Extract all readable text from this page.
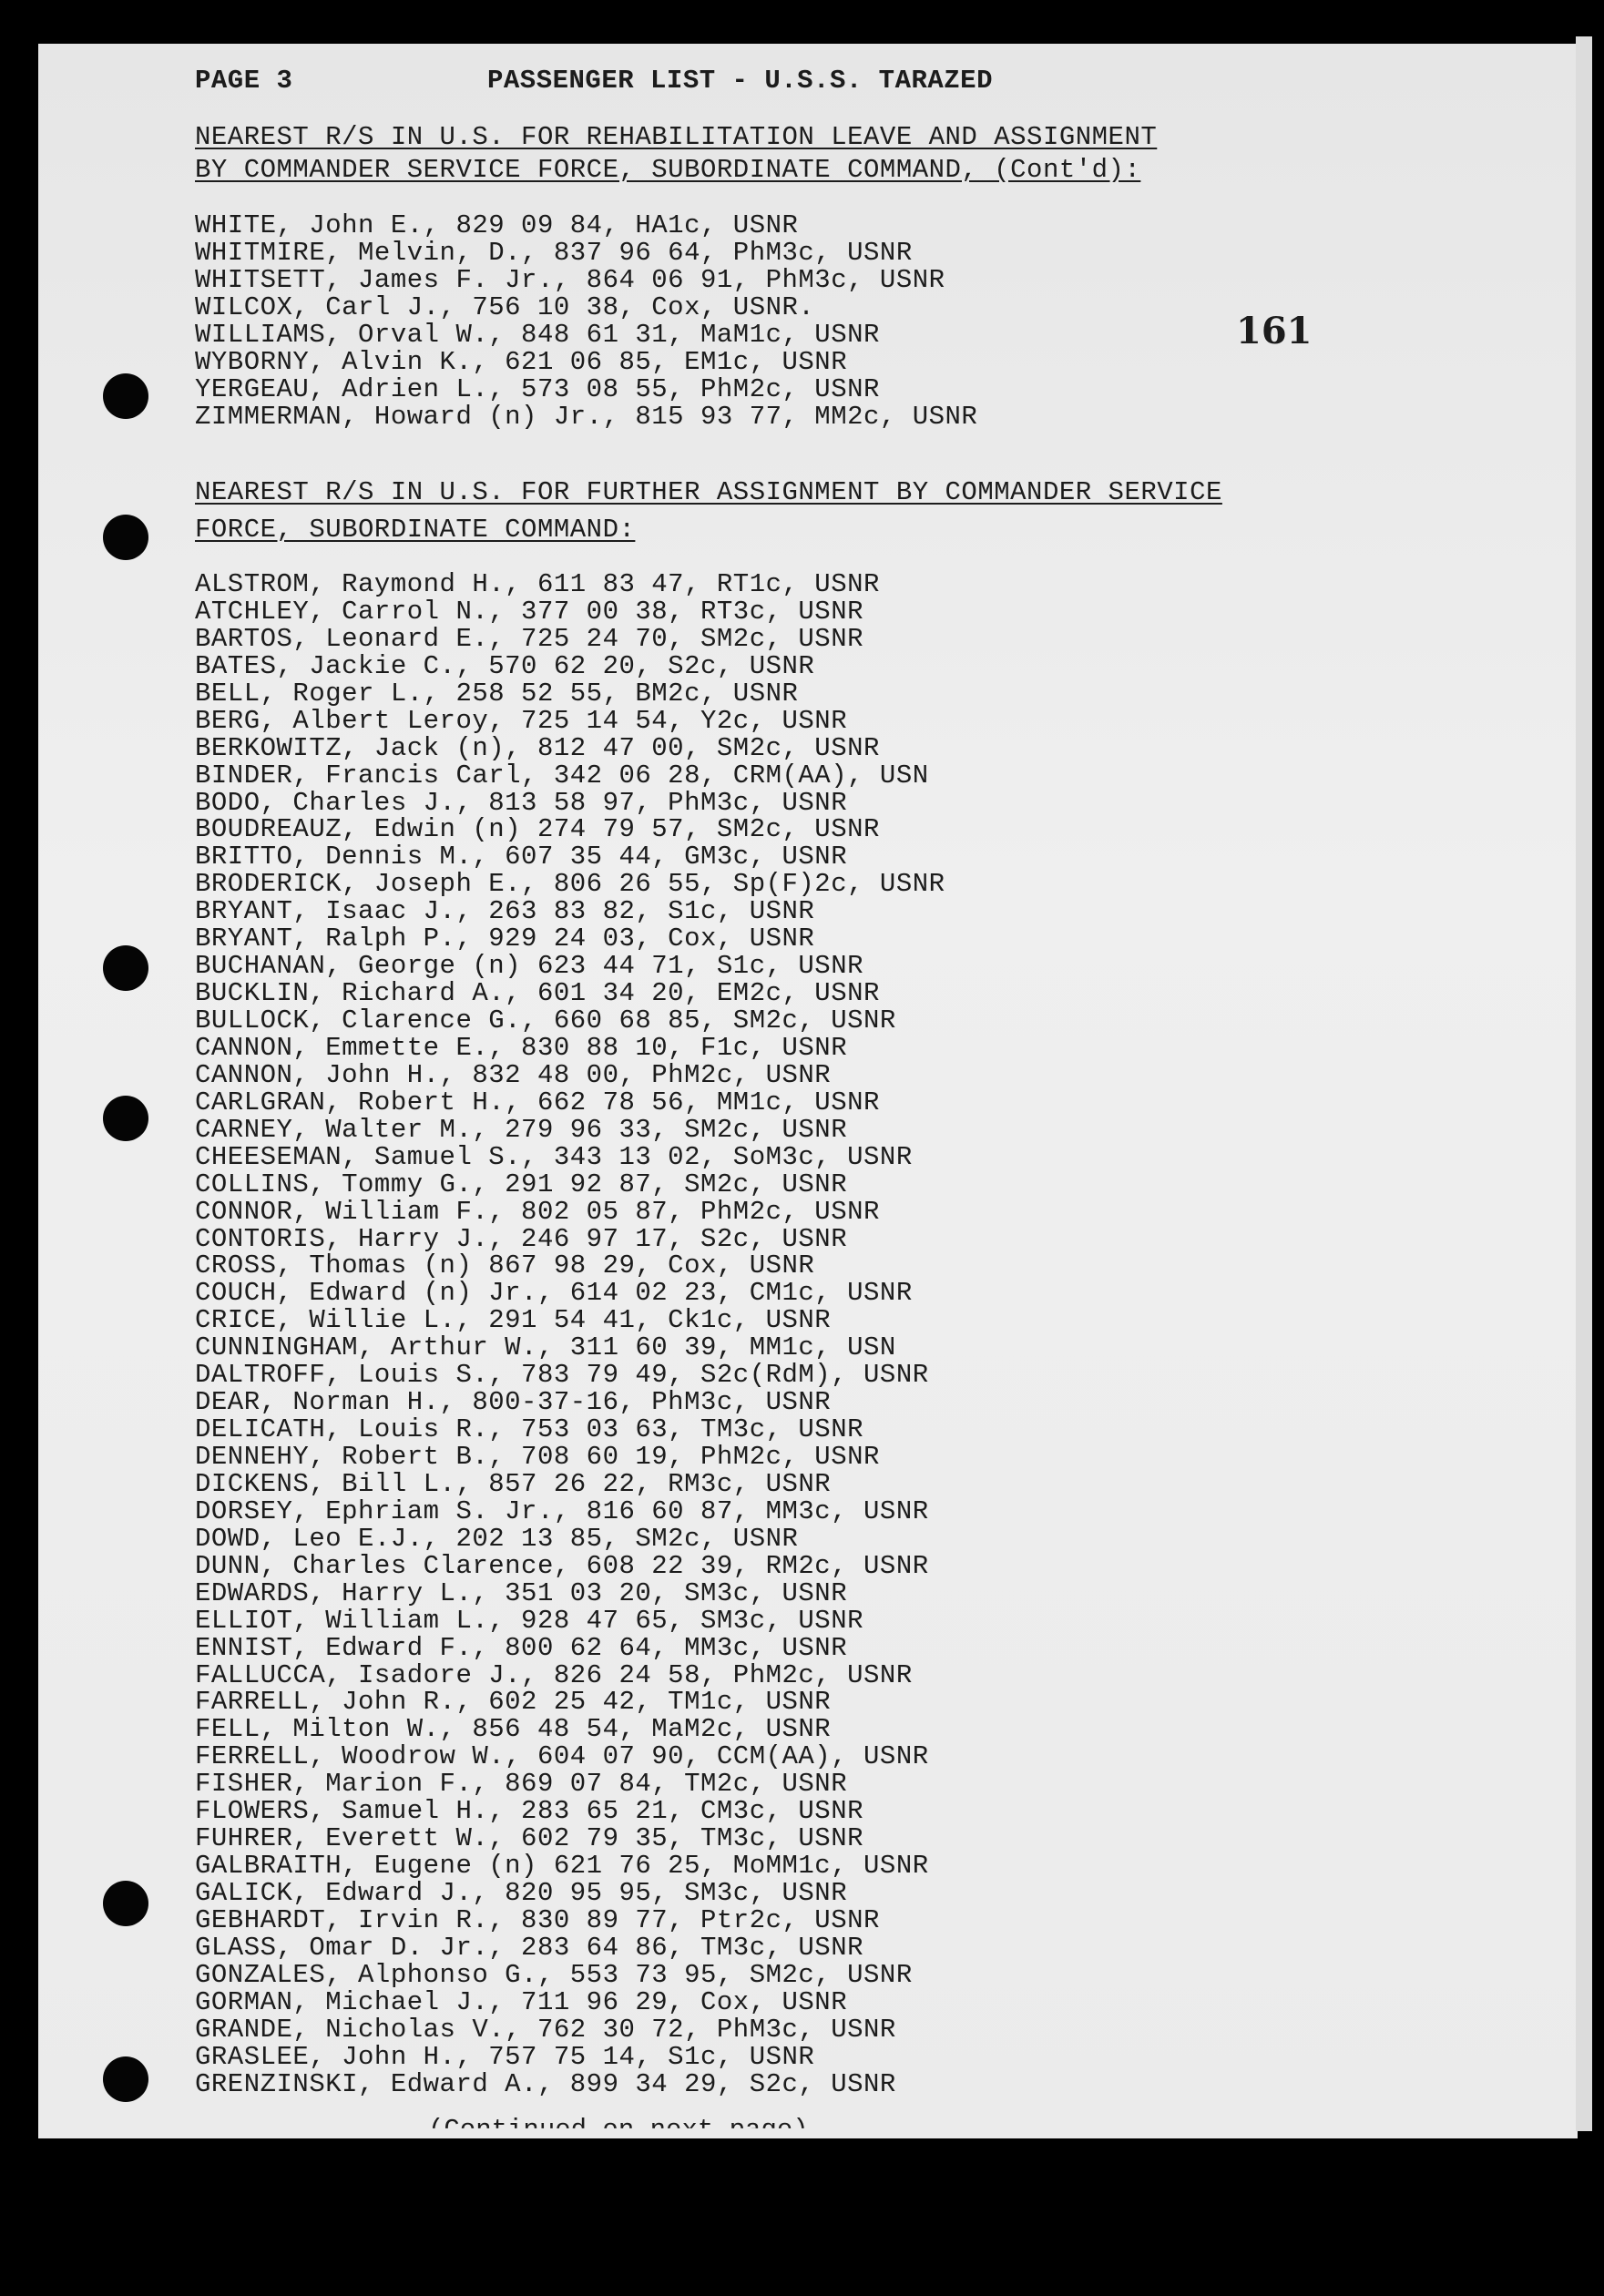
PAGE 3	PASSENGER LIST - U.S.S. TARAZED
NEAREST R/S IN U.S. FOR REHABILITATION LEAVE AND ASSIGNMENT
BY COMMANDER SERVICE FORCE, SUBORDINATE COMMAND, (Cont'd):
WHITE, John E., 829 09 84, HA1c, USNR
WHITMIRE, Melvin, D., 837 96 64, PhM3c, USNR
WHITSETT, James F. Jr., 864 06 91, PhM3c, USNR
WILCOX, Carl J., 756 10 38, Cox, USNR.
WILLIAMS, Orval W., 848 61 31, MaM1c, USNR
WYBORNY, Alvin K., 621 06 85, EM1c, USNR
YERGEAU, Adrien L., 573 08 55, PhM2c, USNR
ZIMMERMAN, Howard (n) Jr., 815 93 77, MM2c, USNR
161
NEAREST R/S IN U.S. FOR FURTHER ASSIGNMENT BY COMMANDER SERVICE
FORCE, SUBORDINATE COMMAND:
ALSTROM, Raymond H., 611 83 47, RT1c, USNR
ATCHLEY, Carrol N., 377 00 38, RT3c, USNR
BARTOS, Leonard E., 725 24 70, SM2c, USNR
BATES, Jackie C., 570 62 20, S2c, USNR
BELL, Roger L., 258 52 55, BM2c, USNR
BERG, Albert Leroy, 725 14 54, Y2c, USNR
BERKOWITZ, Jack (n), 812 47 00, SM2c, USNR
BINDER, Francis Carl, 342 06 28, CRM(AA), USN
BODO, Charles J., 813 58 97, PhM3c, USNR
BOUDREAUZ, Edwin (n) 274 79 57, SM2c, USNR
BRITTO, Dennis M., 607 35 44, GM3c, USNR
BRODERICK, Joseph E., 806 26 55, Sp(F)2c, USNR
BRYANT, Isaac J., 263 83 82, S1c, USNR
BRYANT, Ralph P., 929 24 03, Cox, USNR
BUCHANAN, George (n) 623 44 71, S1c, USNR
BUCKLIN, Richard A., 601 34 20, EM2c, USNR
BULLOCK, Clarence G., 660 68 85, SM2c, USNR
CANNON, Emmette E., 830 88 10, F1c, USNR
CANNON, John H., 832 48 00, PhM2c, USNR
CARLGRAN, Robert H., 662 78 56, MM1c, USNR
CARNEY, Walter M., 279 96 33, SM2c, USNR
CHEESEMAN, Samuel S., 343 13 02, SoM3c, USNR
COLLINS, Tommy G., 291 92 87, SM2c, USNR
CONNOR, William F., 802 05 87, PhM2c, USNR
CONTORIS, Harry J., 246 97 17, S2c, USNR
CROSS, Thomas (n) 867 98 29, Cox, USNR
COUCH, Edward (n) Jr., 614 02 23, CM1c, USNR
CRICE, Willie L., 291 54 41, Ck1c, USNR
CUNNINGHAM, Arthur W., 311 60 39, MM1c, USN
DALTROFF, Louis S., 783 79 49, S2c(RdM), USNR
DEAR, Norman H., 800-37-16, PhM3c, USNR
DELICATH, Louis R., 753 03 63, TM3c, USNR
DENNEHY, Robert B., 708 60 19, PhM2c, USNR
DICKENS, Bill L., 857 26 22, RM3c, USNR
DORSEY, Ephriam S. Jr., 816 60 87, MM3c, USNR
DOWD, Leo E.J., 202 13 85, SM2c, USNR
DUNN, Charles Clarence, 608 22 39, RM2c, USNR
EDWARDS, Harry L., 351 03 20, SM3c, USNR
ELLIOT, William L., 928 47 65, SM3c, USNR
ENNIST, Edward F., 800 62 64, MM3c, USNR
FALLUCCA, Isadore J., 826 24 58, PhM2c, USNR
FARRELL, John R., 602 25 42, TM1c, USNR
FELL, Milton W., 856 48 54, MaM2c, USNR
FERRELL, Woodrow W., 604 07 90, CCM(AA), USNR
FISHER, Marion F., 869 07 84, TM2c, USNR
FLOWERS, Samuel H., 283 65 21, CM3c, USNR
FUHRER, Everett W., 602 79 35, TM3c, USNR
GALBRAITH, Eugene (n) 621 76 25, MoMM1c, USNR
GALICK, Edward J., 820 95 95, SM3c, USNR
GEBHARDT, Irvin R., 830 89 77, Ptr2c, USNR
GLASS, Omar D. Jr., 283 64 86, TM3c, USNR
GONZALES, Alphonso G., 553 73 95, SM2c, USNR
GORMAN, Michael J., 711 96 29, Cox, USNR
GRANDE, Nicholas V., 762 30 72, PhM3c, USNR
GRASLEE, John H., 757 75 14, S1c, USNR
GRENZINSKI, Edward A., 899 34 29, S2c, USNR
